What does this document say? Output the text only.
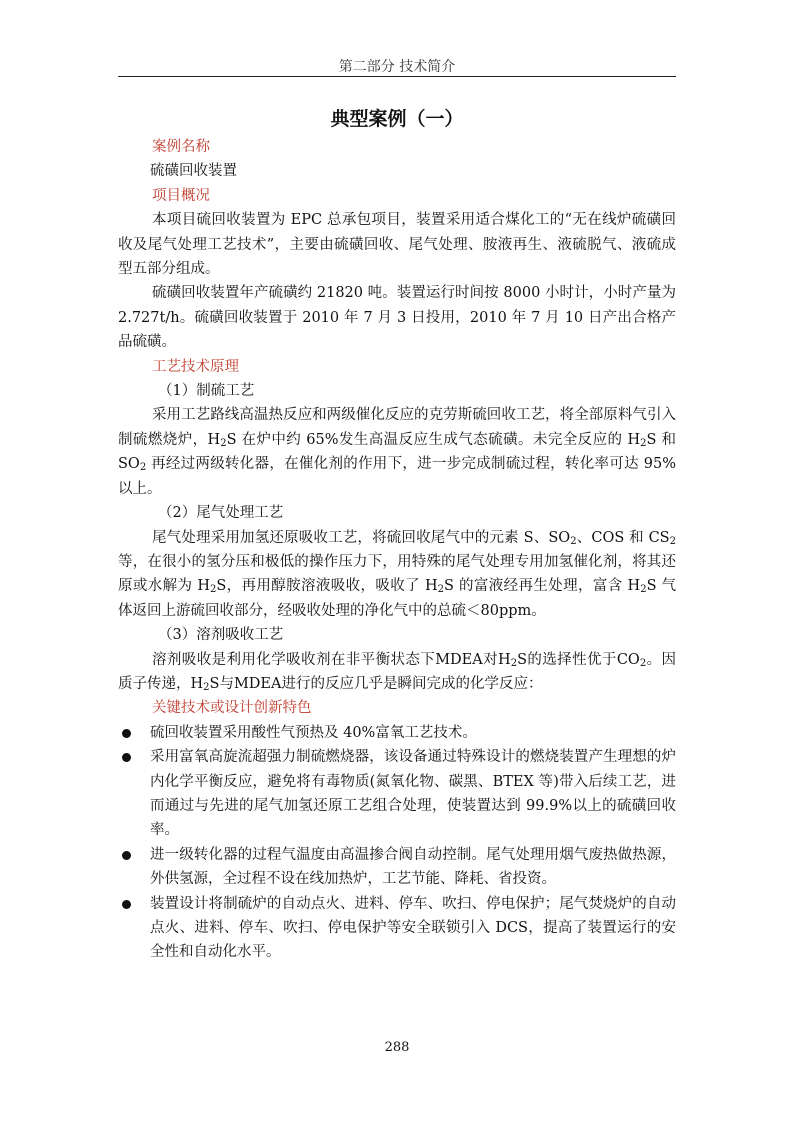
第二部分 技术简介
典型案例（一）
案例名称

硫磺回收装置

项目概况

本项目硫回收装置为 EPC 总承包项目，装置采用适合煤化工的“无在线炉硫磺回收及尾气处理工艺技术”，主要由硫磺回收、尾气处理、胺液再生、液硫脱气、液硫成型五部分组成。

硫磺回收装置年产硫磺约 21820 吨。装置运行时间按 8000 小时计，小时产量为 2.727t/h。硫磺回收装置于 2010 年 7 月 3 日投用，2010 年 7 月 10 日产出合格产品硫磺。

工艺技术原理

（1）制硫工艺

采用工艺路线高温热反应和两级催化反应的克劳斯硫回收工艺，将全部原料气引入制硫燃烧炉，$H_2S$ 在炉中约 65%发生高温反应生成气态硫磺。未完全反应的 $H_2S$ 和 $SO_2$ 再经过两级转化器，在催化剂的作用下，进一步完成制硫过程，转化率可达 95%以上。

（2）尾气处理工艺

尾气处理采用加氢还原吸收工艺，将硫回收尾气中的元素 S、$SO_2$、COS 和 $CS_2$ 等，在很小的氢分压和极低的操作压力下，用特殊的尾气处理专用加氢催化剂，将其还原或水解为 $H_2S$，再用醇胺溶液吸收，吸收了 $H_2S$ 的富液经再生处理，富含 $H_2S$ 气体返回上游硫回收部分，经吸收处理的净化气中的总硫＜80ppm。

（3）溶剂吸收工艺

溶剂吸收是利用化学吸收剂在非平衡状态下MDEA对$H_2S$的选择性优于$CO_2$。因质子传递，$H_2S$与MDEA进行的反应几乎是瞬间完成的化学反应：

关键技术或设计创新特色
硫回收装置采用酸性气预热及 40%富氧工艺技术。
采用富氧高旋流超强力制硫燃烧器，该设备通过特殊设计的燃烧装置产生理想的炉内化学平衡反应，避免将有毒物质(氮氧化物、碳黑、BTEX 等)带入后续工艺，进而通过与先进的尾气加氢还原工艺组合处理，使装置达到 99.9%以上的硫磺回收率。
进一级转化器的过程气温度由高温掺合阀自动控制。尾气处理用烟气废热做热源，外供氢源，全过程不设在线加热炉，工艺节能、降耗、省投资。
装置设计将制硫炉的自动点火、进料、停车、吹扫、停电保护；尾气焚烧炉的自动点火、进料、停车、吹扫、停电保护等安全联锁引入 DCS，提高了装置运行的安全性和自动化水平。
288
